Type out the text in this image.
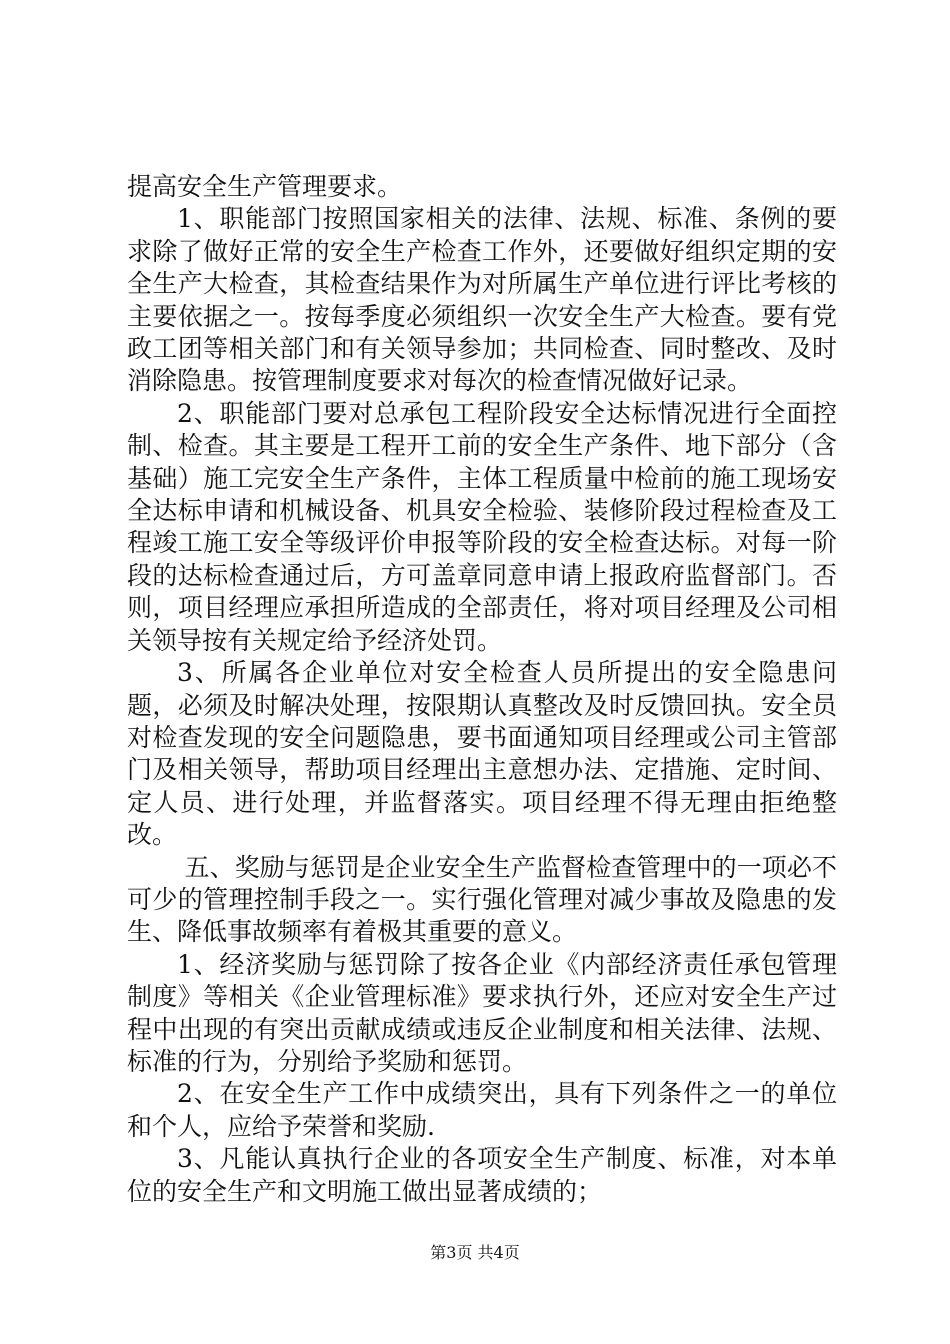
提高安全生产管理要求。

1、职能部门按照国家相关的法律、法规、标准、条例的要求除了做好正常的安全生产检查工作外，还要做好组织定期的安全生产大检查，其检查结果作为对所属生产单位进行评比考核的主要依据之一。按每季度必须组织一次安全生产大检查。要有党政工团等相关部门和有关领导参加；共同检查、同时整改、及时消除隐患。按管理制度要求对每次的检查情况做好记录。

2、职能部门要对总承包工程阶段安全达标情况进行全面控制、检查。其主要是工程开工前的安全生产条件、地下部分（含基础）施工完安全生产条件，主体工程质量中检前的施工现场安全达标申请和机械设备、机具安全检验、装修阶段过程检查及工程竣工施工安全等级评价申报等阶段的安全检查达标。对每一阶段的达标检查通过后，方可盖章同意申请上报政府监督部门。否则，项目经理应承担所造成的全部责任，将对项目经理及公司相关领导按有关规定给予经济处罚。

3、所属各企业单位对安全检查人员所提出的安全隐患问题，必须及时解决处理，按限期认真整改及时反馈回执。安全员对检查发现的安全问题隐患，要书面通知项目经理或公司主管部门及相关领导，帮助项目经理出主意想办法、定措施、定时间、定人员、进行处理，并监督落实。项目经理不得无理由拒绝整改。

五、奖励与惩罚是企业安全生产监督检查管理中的一项必不可少的管理控制手段之一。实行强化管理对减少事故及隐患的发生、降低事故频率有着极其重要的意义。

1、经济奖励与惩罚除了按各企业《内部经济责任承包管理制度》等相关《企业管理标准》要求执行外，还应对安全生产过程中出现的有突出贡献成绩或违反企业制度和相关法律、法规、标准的行为，分别给予奖励和惩罚。

2、在安全生产工作中成绩突出，具有下列条件之一的单位和个人，应给予荣誉和奖励.

3、凡能认真执行企业的各项安全生产制度、标准，对本单位的安全生产和文明施工做出显著成绩的；

第3页 共4页
